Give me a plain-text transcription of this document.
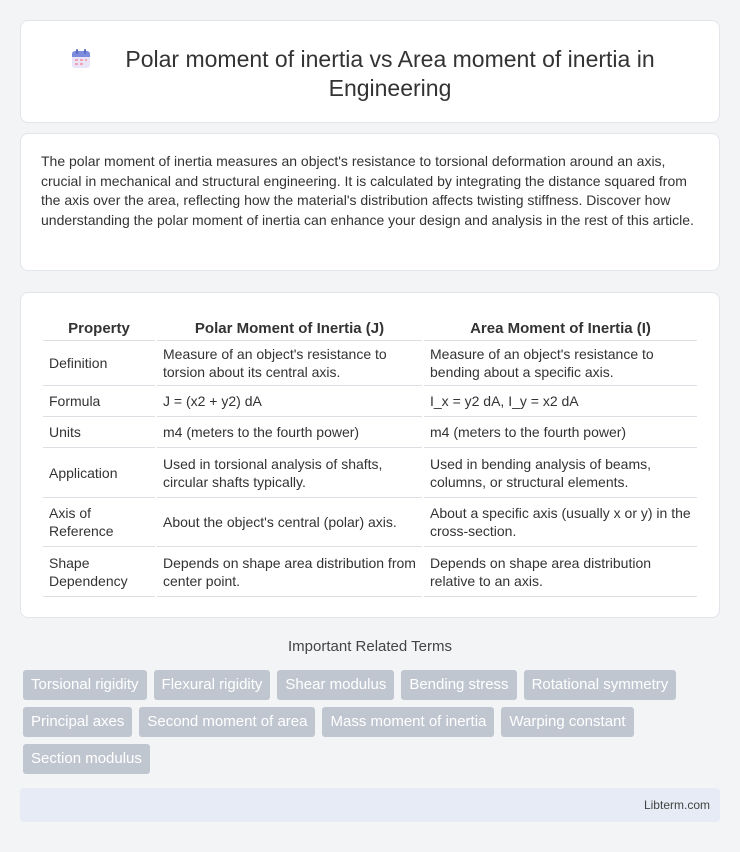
Polar moment of inertia vs Area moment of inertia in Engineering

The polar moment of inertia measures an object's resistance to torsional deformation around an axis, crucial in mechanical and structural engineering. It is calculated by integrating the distance squared from the axis over the area, reflecting how the material's distribution affects twisting stiffness. Discover how understanding the polar moment of inertia can enhance your design and analysis in the rest of this article.

Property	Polar Moment of Inertia (J)	Area Moment of Inertia (I)
Definition	Measure of an object's resistance to torsion about its central axis.	Measure of an object's resistance to bending about a specific axis.
Formula	J = (x2 + y2) dA	I_x = y2 dA, I_y = x2 dA
Units	m4 (meters to the fourth power)	m4 (meters to the fourth power)
Application	Used in torsional analysis of shafts, circular shafts typically.	Used in bending analysis of beams, columns, or structural elements.
Axis of Reference	About the object's central (polar) axis.	About a specific axis (usually x or y) in the cross-section.
Shape Dependency	Depends on shape area distribution from center point.	Depends on shape area distribution relative to an axis.
Important Related Terms
Torsional rigidity	Flexural rigidity	Shear modulus	Bending stress	Rotational symmetry
Principal axes	Second moment of area	Mass moment of inertia	Warping constant
Section modulus
Libterm.com
